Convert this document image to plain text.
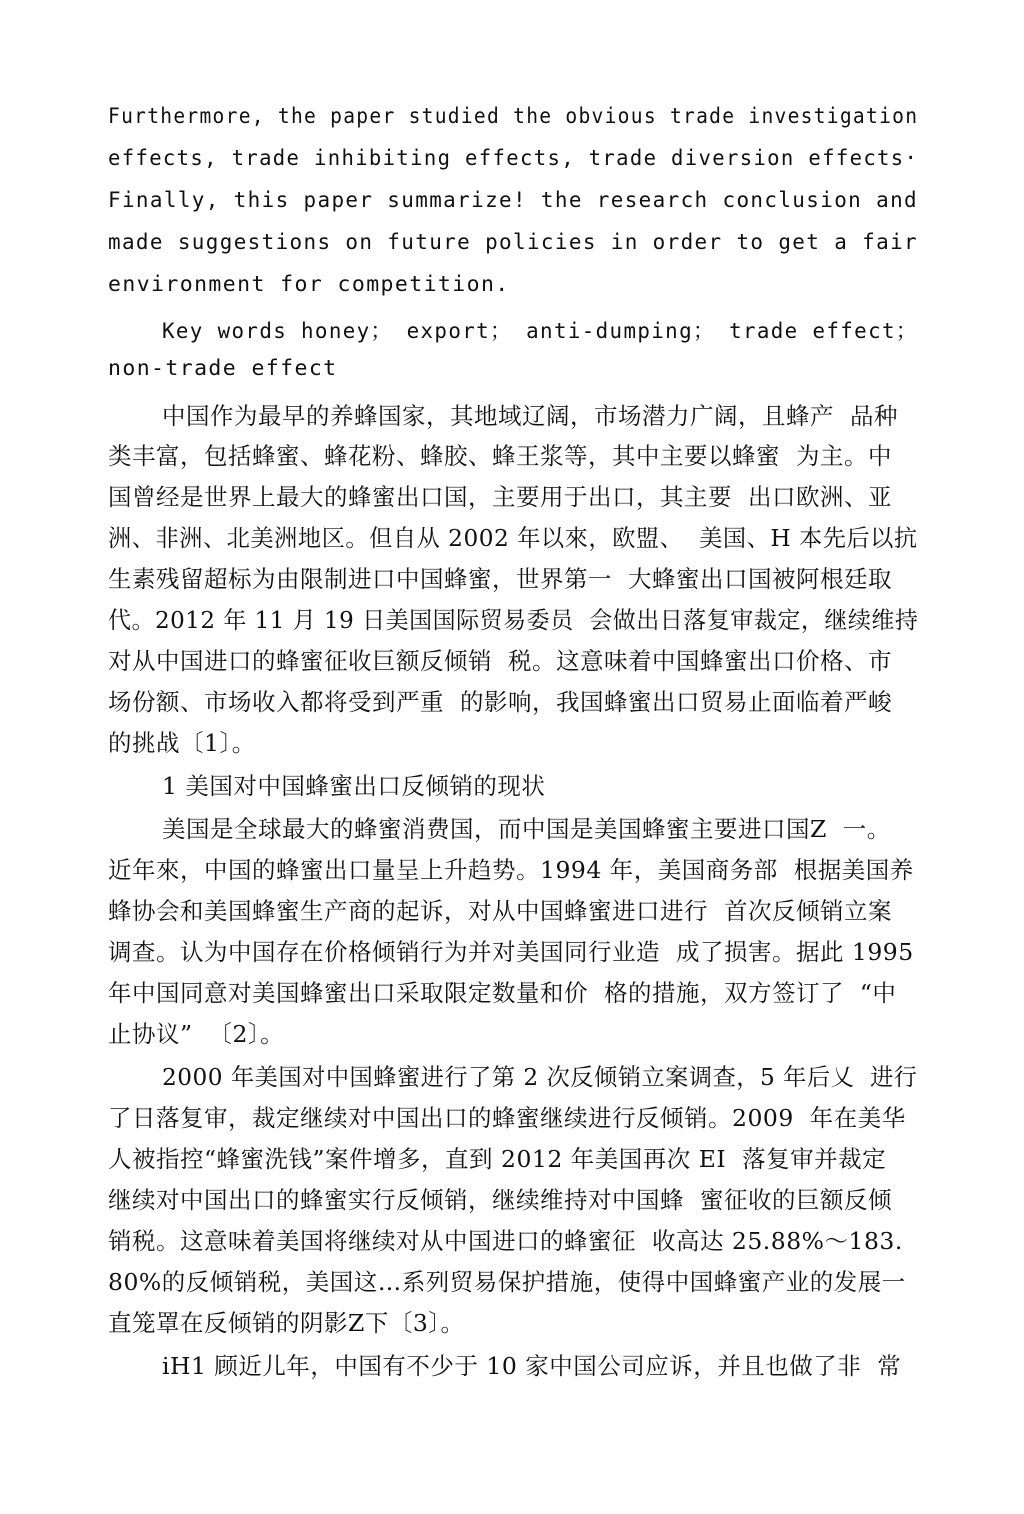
Furthermore, the paper studied the obvious trade investigation
effects, trade inhibiting effects, trade diversion effects·
Finally, this paper summarize! the research conclusion and
made suggestions on future policies in order to get a fair
environment for competition.
Key words honey； export； anti-dumping； trade effect；
non-trade effect
中国作为最早的养蜂国家，其地域辽阔，市场潜力广阔，且蜂产  品种
类丰富，包括蜂蜜、蜂花粉、蜂胶、蜂王浆等，其中主要以蜂蜜  为主。中
国曾经是世界上最大的蜂蜜出口国，主要用于出口，其主要  出口欧洲、亚
洲、非洲、北美洲地区。但自从 2002 年以來，欧盟、  美国、H 本先后以抗
生素残留超标为由限制进口中国蜂蜜，世界第一  大蜂蜜出口国被阿根廷取
代。2012 年 11 月 19 日美国国际贸易委员  会做出日落复审裁定，继续维持
对从中国进口的蜂蜜征收巨额反倾销  税。这意味着中国蜂蜜出口价格、市
场份额、市场收入都将受到严重  的影响，我国蜂蜜出口贸易止面临着严峻
的挑战〔1〕。
1 美国对中国蜂蜜出口反倾销的现状
美国是全球最大的蜂蜜消费国，而中国是美国蜂蜜主要进口国Z  一。
近年來，中国的蜂蜜出口量呈上升趋势。1994 年，美国商务部  根据美国养
蜂协会和美国蜂蜜生产商的起诉，对从中国蜂蜜进口进行  首次反倾销立案
调查。认为中国存在价格倾销行为并对美国同行业造  成了损害。据此 1995
年中国同意对美国蜂蜜出口采取限定数量和价  格的措施，双方签订了  “中
止协议”  〔2〕。
2000 年美国对中国蜂蜜进行了第 2 次反倾销立案调查，5 年后乂  进行
了日落复审，裁定继续对中国出口的蜂蜜继续进行反倾销。2009  年在美华
人被指控“蜂蜜洗钱”案件增多，直到 2012 年美国再次 EI  落复审并裁定
继续对中国出口的蜂蜜实行反倾销，继续维持对中国蜂  蜜征收的巨额反倾
销税。这意味着美国将继续对从中国进口的蜂蜜征  收高达 25.88%〜183.
80%的反倾销税，美国这…系列贸易保护措施，使得中国蜂蜜产业的发展一
直笼罩在反倾销的阴影Z下〔3〕。
iH1 顾近儿年，中国有不少于 10 家中国公司应诉，并且也做了非  常
